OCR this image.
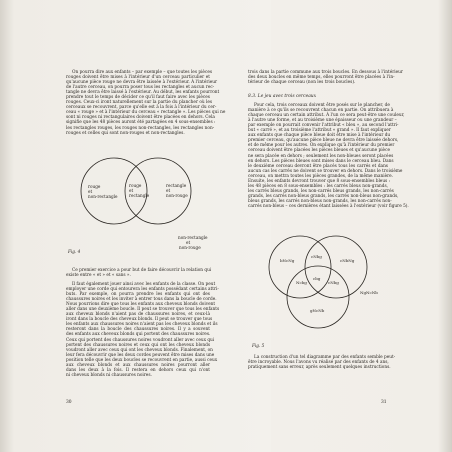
On pourra dire aux enfants – par exemple – que toutes les pièces
rouges doivent être mises à l'intérieur d'un cerceau particulier et
qu'aucune pièce rouge ne devra être laissée à l'extérieur. À l'intérieur
de l'autre cerceau, on pourra poser tous les rectangles et aucun rec-
tangle ne devra être laissé à l'extérieur. Au début, les enfants pourront
prendre tout le temps de décider ce qu'il faut faire avec les pièces
rouges. Ceux-ci iront naturellement sur la partie du plancher où les
cerceaux se recouvrent, parce qu'elle est à la fois à l'intérieur du cer-
ceau « rouge » et à l'intérieur du cerceau « rectangle ». Les pièces qui ne
sont ni rouges ni rectangulaires doivent être placées en dehors. Cela
signifie que les 48 pièces auront été partagées en 4 sous-ensembles :
les rectangles rouges, les rouges non-rectangles, les rectangles non-
rouges et celles qui sont non-rouges et non-rectangles.
rouge et non-rectangle
rouge et rectangle
rectangle et non-rouge
non-rectangle et non-rouge
Fig. 4
Ce premier exercice a pour but de faire découvrir la relation qui
existe entre « et » et « sans ».
Il faut également jouer ainsi avec les enfants de la classe. On peut
employer une corde qui entourera les enfants possédant certains attri-
buts. Par exemple, on pourra prendre les enfants qui ont des
chaussures noires et les inviter à entrer tous dans la boucle de corde.
Nous pourrions dire que tous les enfants aux cheveux blonds doivent
aller dans une deuxième boucle. Il peut se trouver que tous les enfants
aux cheveux blonds n'aient pas de chaussures noires, et ceux-là
iront dans la boucle des cheveux blonds. Il peut se trouver que tous
les enfants aux chaussures noires n'aient pas les cheveux blonds et ils
resteront dans la boucle des chaussures noires. Il y a souvent
des enfants aux cheveux blonds qui portent des chaussures noires.
Ceux qui portent des chaussures noires voudront aller avec ceux qui
portent des chaussures noires et ceux qui ont les cheveux blonds
voudront aller avec ceux qui ont les cheveux blonds. Finalement, on
leur fera découvrir que les deux cordes peuvent être mises dans une
position telle que les deux boucles se recouvrent en partie, aussi ceux
aux cheveux blonds et aux chaussures noires pourront aller
dans les deux à la fois. Il restera en dehors ceux qui n'ont
ni cheveux blonds ni chaussures noires.
30
trois dans la partie commune aux trois boucles. En dessous à l'intérieur
des deux boucles en même temps, elles pourront être placées à l'in-
térieur de chaque cerceau (non les trois boucles).
8.3. Le jeu avec trois cerceaux
Pour cela, trois cerceaux doivent être posés sur le plancher, de
manière à ce qu'ils se recouvrent chacun en partie. On attribuera à
chaque cerceau un certain attribut. À l'un ce sera peut-être une couleur,
à l'autre une forme, et au troisième une épaisseur ou une grandeur –
par exemple on pourrait convenir l'attribut « bleu », au second l'attri-
but « carré », et au troisième l'attribut « grand ». Il faut expliquer
aux enfants que chaque pièce bleue doit être mise à l'intérieur du
premier cerceau, qu'aucune pièce bleue ne devra être laissée dehors,
et de même pour les autres. On explique qu'à l'intérieur du premier
cerceau doivent être placées les pièces bleues et qu'aucune pièce
ne sera placée en dehors ; seulement les non-bleues seront placées
en dehors. Les pièces bleues sont mises dans le cerceau bleu. Dans
le deuxième cerceau devront être placés tous les carrés et dans
aucun cas les carrés ne doivent se trouver en dehors. Dans le troisième
cerceau, on mettra toutes les pièces grandes, de la même manière.
Ensuite, les enfants devront trouver que 8 sous-ensembles bleus :
les 48 pièces en 8 sous-ensembles : les carrés bleus non-grands,
les carrés bleus grands, les non-carrés bleus grands, les non-carrés
grands, les carrés non-bleus grands, les carrés non-bleus non-grands,
bleus grands, les carrés non-bleus non-grands, les non-carrés non-
carrés non-bleus – ces dernières étant laissées à l'extérieur (voir figure 5).
bNcNg
cNbg
cNbNg
cbg
Ncbg	cNbg
NgNcNb
gNcNb
Fig. 5
La construction d'un tel diagramme par des enfants semble peut-
être incroyable. Nous l'avons vu réalisé par des enfants de 4 ans,
pratiquement sans erreur, après seulement quelques instructions.
31
